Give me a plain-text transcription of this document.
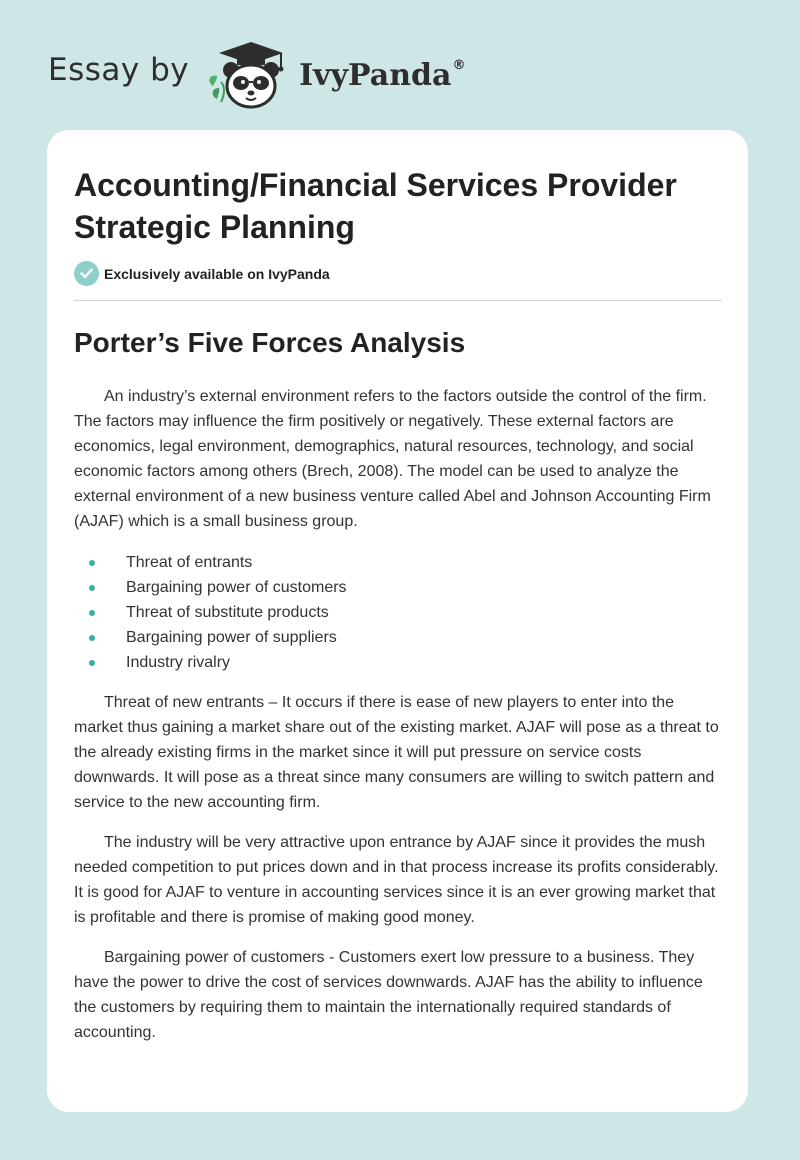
Essay by	IvyPanda®
Accounting/Financial Services Provider Strategic Planning
Exclusively available on IvyPanda
Porter’s Five Forces Analysis

An industry’s external environment refers to the factors outside the control of the firm. The factors may influence the firm positively or negatively. These external factors are economics, legal environment, demographics, natural resources, technology, and social economic factors among others (Brech, 2008). The model can be used to analyze the external environment of a new business venture called Abel and Johnson Accounting Firm (AJAF) which is a small business group.

Threat of entrants
Bargaining power of customers
Threat of substitute products
Bargaining power of suppliers
Industry rivalry

Threat of new entrants – It occurs if there is ease of new players to enter into the market thus gaining a market share out of the existing market. AJAF will pose as a threat to the already existing firms in the market since it will put pressure on service costs downwards. It will pose as a threat since many consumers are willing to switch pattern and service to the new accounting firm.

The industry will be very attractive upon entrance by AJAF since it provides the mush needed competition to put prices down and in that process increase its profits considerably. It is good for AJAF to venture in accounting services since it is an ever growing market that is profitable and there is promise of making good money.

Bargaining power of customers - Customers exert low pressure to a business. They have the power to drive the cost of services downwards. AJAF has the ability to influence the customers by requiring them to maintain the internationally required standards of accounting.
